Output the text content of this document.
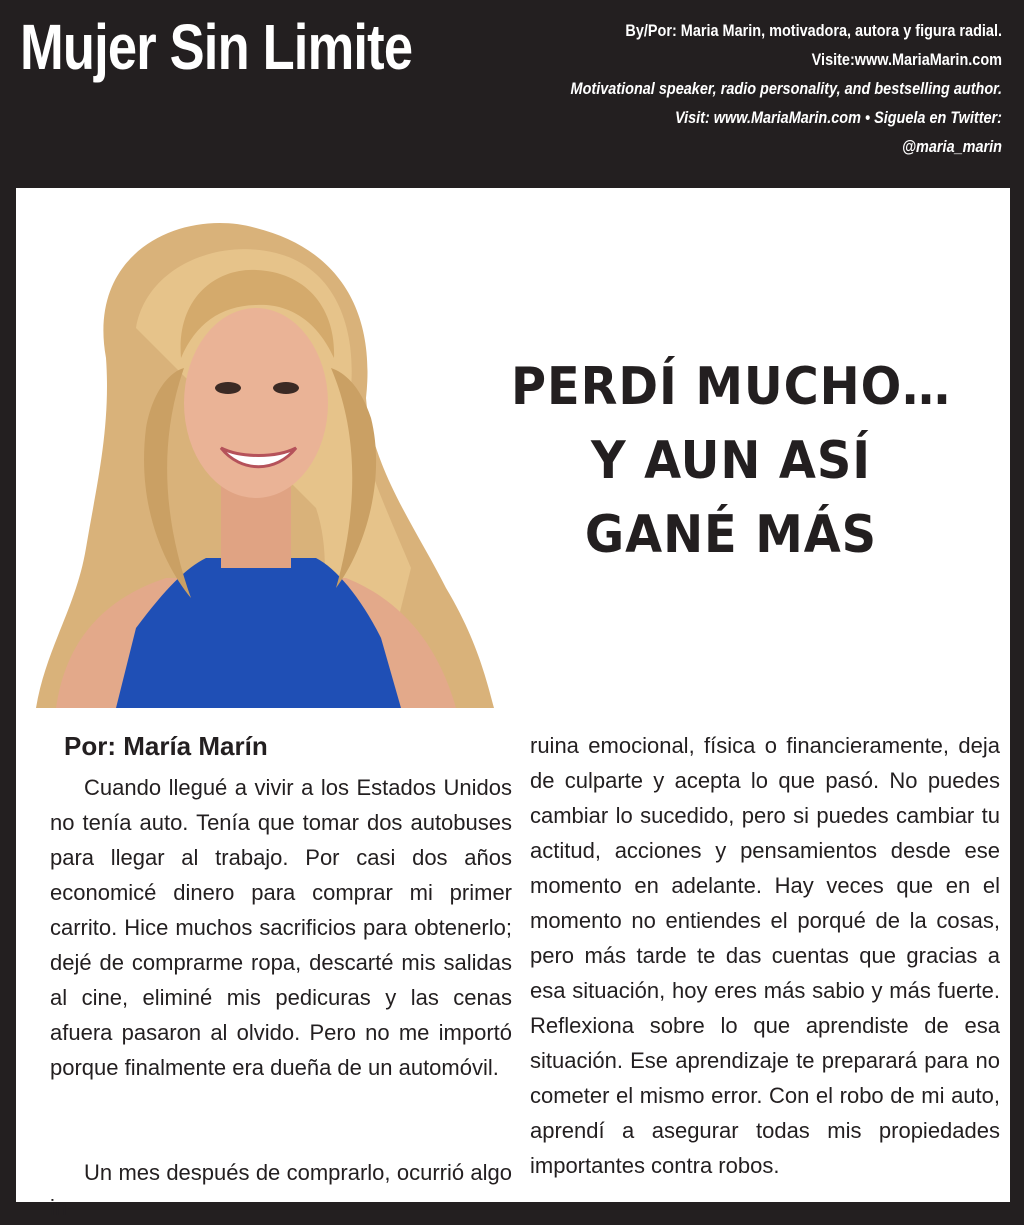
Mujer Sin Limite	By/Por: Maria Marin, motivadora, autora y figura radial.
Visite:www.MariaMarin.com
Motivational speaker, radio personality, and bestselling author.
Visit: www.MariaMarin.com • Siguela en Twitter:
@maria_marin
PERDÍ MUCHO…
Y AUN ASÍ
GANÉ MÁS
Por: María Marín

Cuando llegué a vivir a los Estados Unidos no tenía auto. Tenía que tomar dos autobuses para llegar al trabajo. Por casi dos años economicé dinero para comprar mi primer carrito. Hice muchos sacrificios para obtenerlo; dejé de comprarme ropa, descarté mis salidas al cine, eliminé mis pedicuras y las cenas afuera pasaron al olvido. Pero no me importó porque finalmente era dueña de un automóvil.

Un mes después de comprarlo, ocurrió algo in-

ruina emocional, física o financieramente, deja de culparte y acepta lo que pasó. No puedes cambiar lo sucedido, pero si puedes cambiar tu actitud, acciones y pensamientos desde ese momento en adelante. Hay veces que en el momento no entiendes el porqué de la cosas, pero más tarde te das cuentas que gracias a esa situación, hoy eres más sabio y más fuerte. Reflexiona sobre lo que aprendiste de esa situación. Ese aprendizaje te preparará para no cometer el mismo error. Con el robo de mi auto, aprendí a asegurar todas mis propiedades importantes contra robos.
